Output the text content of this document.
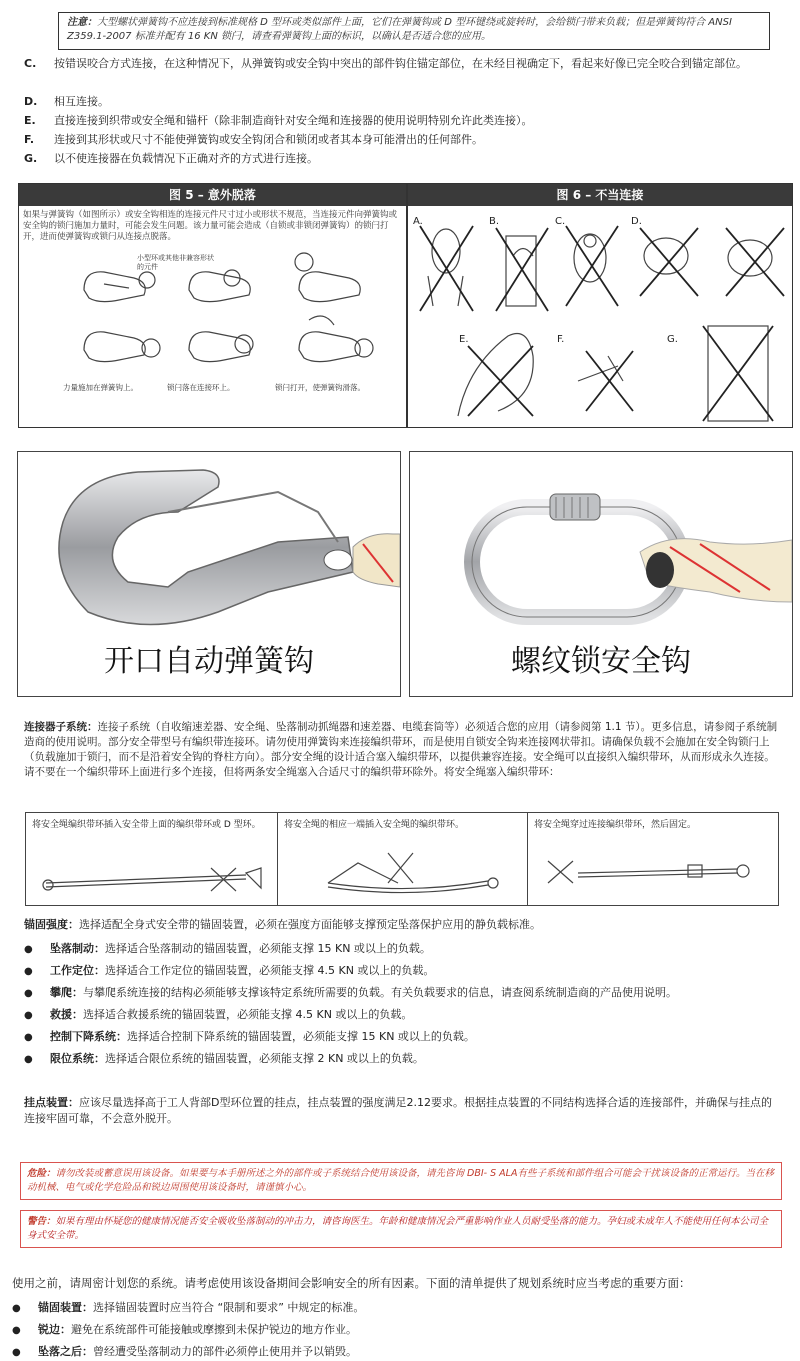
注意：大型螺状弹簧钩不应连接到标准规格 D 型环或类似部件上面，它们在弹簧钩或 D 型环键绕或旋转时，会给锁闩带来负载；但是弹簧钩符合 ANSI Z359.1-2007 标准并配有 16 KN 锁闩，请查看弹簧钩上面的标识，以确认是否适合您的应用。
C. 按错误咬合方式连接，在这种情况下，从弹簧钩或安全钩中突出的部件钩住锚定部位，在未经目视确定下，看起来好像已完全咬合到锚定部位。
D. 相互连接。
E. 直接连接到织带或安全绳和锚杆（除非制造商针对安全绳和连接器的使用说明特别允许此类连接）。
F. 连接到其形状或尺寸不能使弹簧钩或安全钩闭合和锁闭或者其本身可能滑出的任何部件。
G. 以不使连接器在负载情况下正确对齐的方式进行连接。
图 5 – 意外脱落	图 6 – 不当连接
如果与弹簧钩（如图所示）或安全钩相连的连接元件尺寸过小或形状不规范，当连接元件向弹簧钩或安全钩的锁闩施加力量时，可能会发生问题。该力量可能会造成（自锁或非锁闭弹簧钩）的锁闩打开，进而使弹簧钩或锁闩从连接点脱落。
小型环或其他非兼容形状的元件
力量施加在弹簧钩上。	锁闩落在连接环上。	锁闩打开，使弹簧钩滑落。
A.	B.	C.	D.
E.	F.	G.
开口自动弹簧钩	螺纹锁安全钩
连接器子系统：连接子系统（自收缩速差器、安全绳、坠落制动抓绳器和速差器、电缆套筒等）必须适合您的应用（请参阅第 1.1 节）。更多信息，请参阅子系统制造商的使用说明。部分安全带型号有编织带连接环。请勿使用弹簧钩来连接编织带环，而是使用自锁安全钩来连接网状带扣。请确保负载不会施加在安全钩锁闩上（负载施加于锁闩，而不是沿着安全钩的脊柱方向）。部分安全绳的设计适合塞入编织带环，以提供兼容连接。安全绳可以直接织入编织带环，从而形成永久连接。请不要在一个编织带环上面进行多个连接，但将两条安全绳塞入合适尺寸的编织带环除外。将安全绳塞入编织带环：
将安全绳编织带环插入安全带上面的编织带环或 D 型环。	将安全绳的相应一端插入安全绳的编织带环。	将安全绳穿过连接编织带环，然后固定。
锚固强度：选择适配全身式安全带的锚固装置，必须在强度方面能够支撑预定坠落保护应用的静负载标准。
● 坠落制动：选择适合坠落制动的锚固装置，必须能支撑 15 KN 或以上的负载。
● 工作定位：选择适合工作定位的锚固装置，必须能支撑 4.5 KN 或以上的负载。
● 攀爬：与攀爬系统连接的结构必须能够支撑该特定系统所需要的负载。有关负载要求的信息，请查阅系统制造商的产品使用说明。
● 救援：选择适合救援系统的锚固装置，必须能支撑 4.5 KN 或以上的负载。
● 控制下降系统：选择适合控制下降系统的锚固装置，必须能支撑 15 KN 或以上的负载。
● 限位系统：选择适合限位系统的锚固装置，必须能支撑 2 KN 或以上的负载。
挂点装置：应该尽量选择高于工人背部D型环位置的挂点，挂点装置的强度满足2.12要求。根据挂点装置的不同结构选择合适的连接部件，并确保与挂点的连接牢固可靠，不会意外脱开。
危险：请勿改装或蓄意误用该设备。如果要与本手册所述之外的部件或子系统结合使用该设备，请先咨询 DBI- S ALA有些子系统和部件组合可能会干扰该设备的正常运行。当在移动机械、电气或化学危险品和锐边周围使用该设备时，请谨慎小心。
警告：如果有理由怀疑您的健康情况能否安全吸收坠落制动的冲击力，请咨询医生。年龄和健康情况会严重影响作业人员耐受坠落的能力。孕妇或未成年人不能使用任何本公司全身式安全带。
使用之前，请周密计划您的系统。请考虑使用该设备期间会影响安全的所有因素。下面的清单提供了规划系统时应当考虑的重要方面：
● 锚固装置：选择锚固装置时应当符合 “限制和要求” 中规定的标准。
● 锐边：避免在系统部件可能接触或摩擦到未保护锐边的地方作业。
● 坠落之后：曾经遭受坠落制动力的部件必须停止使用并予以销毁。
